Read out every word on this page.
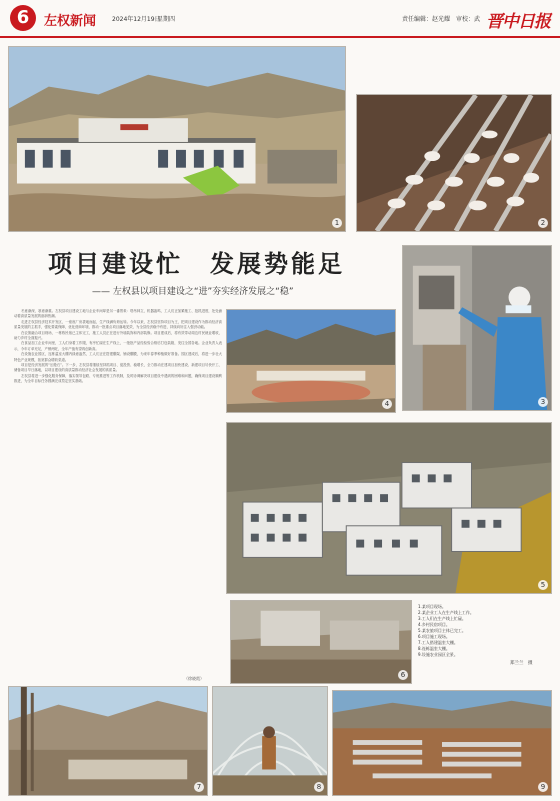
6	左权新闻	2024年12月19日
星期四	责任编辑：赵光耀　审校：武 晋中日报
1	2
项目建设忙　发展势能足
—— 左权县以项目建设之“进”夯实经济发展之“稳”
3
4
5

冬意渐深，寒意渐重。左权县项目建设工地与企业车间却是另一番景象：塔吊林立，机器轰鸣，工人们正加紧施工、抢抓进度，处处涌动着高质量发展的澎湃热潮。

走进左权县经济技术开发区，一座座厂房拔地而起，生产线满负荷运转。今年以来，左权县坚持项目为王，把项目建设作为推动经济高质量发展的主抓手，强化要素保障，优化营商环境，推动一批重点项目落地见效，为全县经济稳中有进、持续向好注入强劲动能。

在农旅融合项目现场，一栋栋民宿已主体完工，施工人员正在进行外墙装饰和内部装修。项目建成后，将有效带动周边村民就业增收，助力乡村全面振兴。

在食品加工企业车间里，工人们身着工作服，有序忙碌在生产线上，一批批产品经检验合格后打包装箱，发往全国各地。企业负责人表示，今年订单充足，产销两旺，全年产值有望再创新高。

在设施农业园区，连栋温室大棚内绿意盎然，工人们正在搭建棚架、铺设棚膜，为来年春季种植做好准备。园区建成后，将进一步壮大特色产业规模，拓宽群众增收渠道。

项目是经济发展的“压舱石”。下一步，左权县将继续坚持抓项目、促投资、稳增长，全力推动在建项目加快建设、新建项目尽快开工、储备项目早日落地，以项目建设的高质量推动经济社会发展的高质量。

左权县将进一步强化服务保障，落实领导包联、专班推进等工作机制，及时协调解决项目建设中遇到的困难和问题，确保项目建设顺利推进，为全年目标任务圆满完成奠定坚实基础。

（徐晓霞）	6
1.某项目现场。
2.某企业工人在生产线上工作。
3.工人们在生产线上忙碌。
4.乡村民宿项目。
5.某农旅项目主体已完工。
6.项目施工现场。
7.工人搭建温室大棚。
8.连栋温室大棚。
9.设施农业园区全景。
郑兰兰　摄
7	8	9
